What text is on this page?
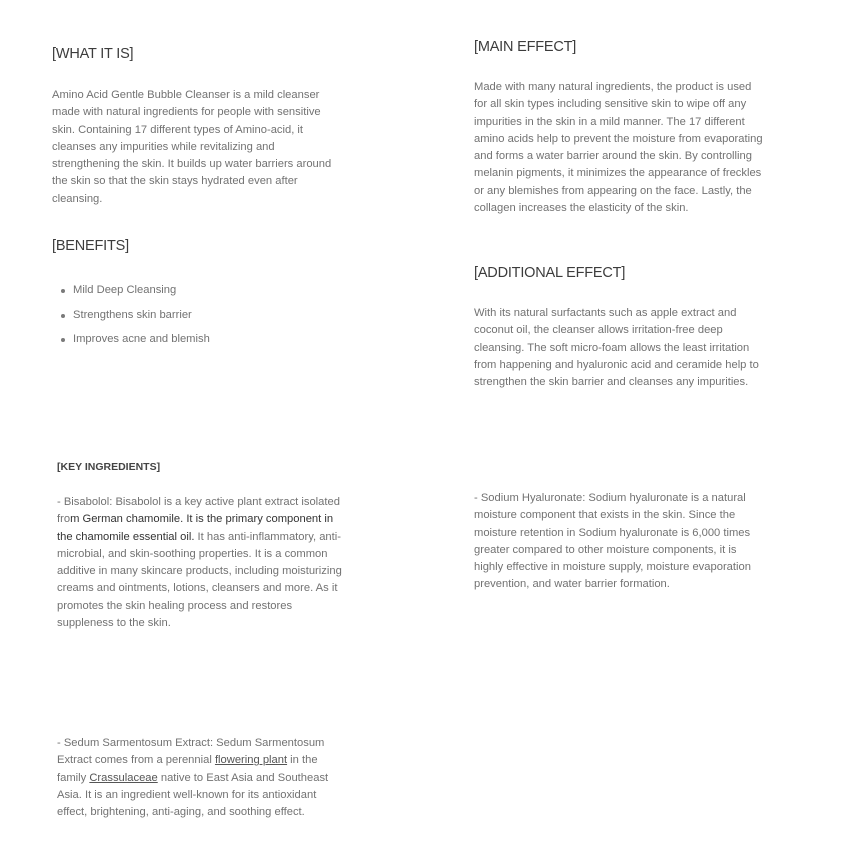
[WHAT IT IS]

Amino Acid Gentle Bubble Cleanser is a mild cleanser made with natural ingredients for people with sensitive skin. Containing 17 different types of Amino-acid, it cleanses any impurities while revitalizing and strengthening the skin. It builds up water barriers around the skin so that the skin stays hydrated even after cleansing.

[BENEFITS]
Mild Deep Cleansing
Strengthens skin barrier
Improves acne and blemish
[KEY INGREDIENTS]

- Bisabolol: Bisabolol is a key active plant extract isolated from German chamomile. It is the primary component in the chamomile essential oil. It has anti-inflammatory, anti-microbial, and skin-soothing properties. It is a common additive in many skincare products, including moisturizing creams and ointments, lotions, cleansers and more. As it promotes the skin healing process and restores suppleness to the skin.

- Sedum Sarmentosum Extract: Sedum Sarmentosum Extract comes from a perennial flowering plant in the family Crassulaceae native to East Asia and Southeast Asia. It is an ingredient well-known for its antioxidant effect, brightening, anti-aging, and soothing effect.

[MAIN EFFECT]

Made with many natural ingredients, the product is used for all skin types including sensitive skin to wipe off any impurities in the skin in a mild manner. The 17 different amino acids help to prevent the moisture from evaporating and forms a water barrier around the skin. By controlling melanin pigments, it minimizes the appearance of freckles or any blemishes from appearing on the face. Lastly, the collagen increases the elasticity of the skin.

[ADDITIONAL EFFECT]

With its natural surfactants such as apple extract and coconut oil, the cleanser allows irritation-free deep cleansing. The soft micro-foam allows the least irritation from happening and hyaluronic acid and ceramide help to strengthen the skin barrier and cleanses any impurities.

- Sodium Hyaluronate: Sodium hyaluronate is a natural moisture component that exists in the skin. Since the moisture retention in Sodium hyaluronate is 6,000 times greater compared to other moisture components, it is highly effective in moisture supply, moisture evaporation prevention, and water barrier formation.
